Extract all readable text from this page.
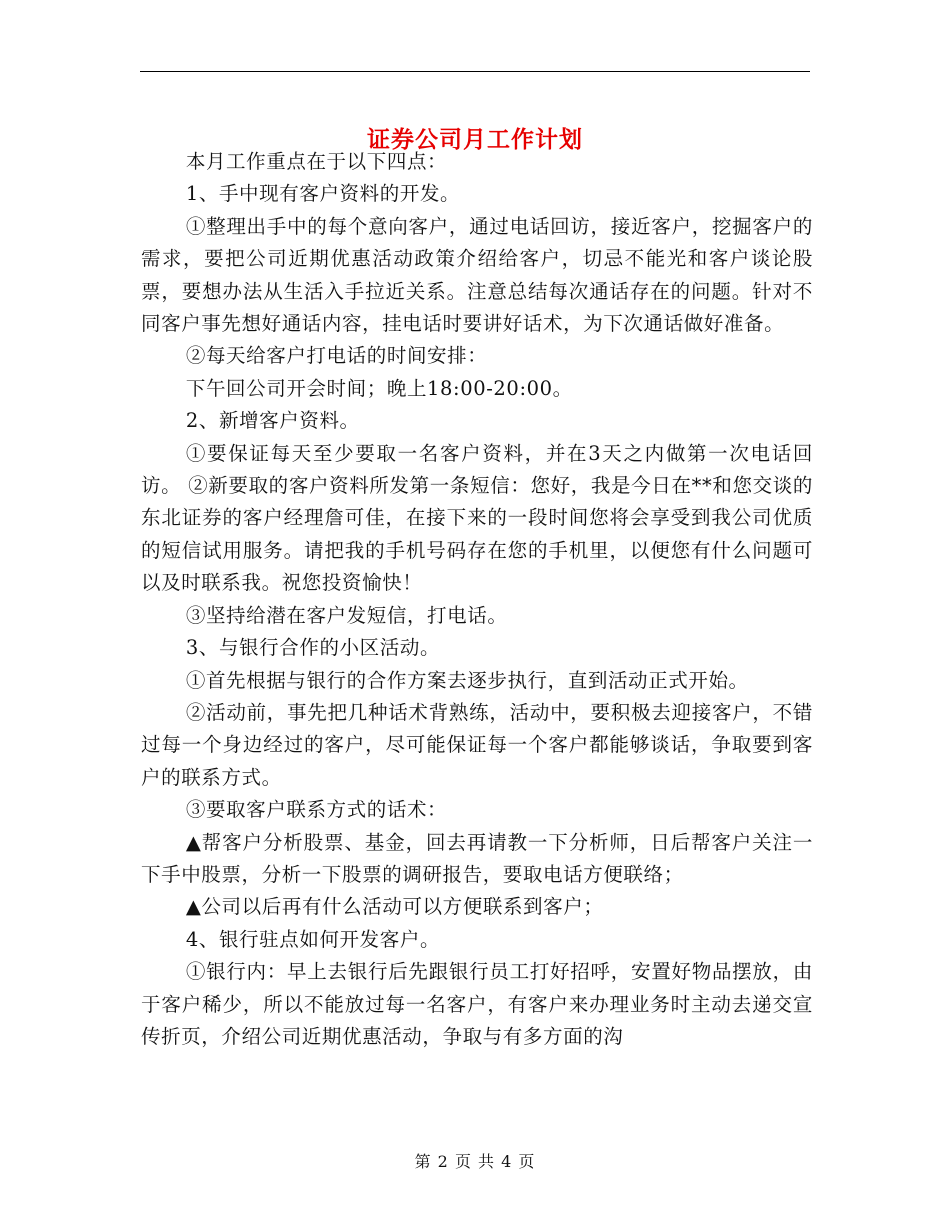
证券公司月工作计划

本月工作重点在于以下四点：

1、手中现有客户资料的开发。

①整理出手中的每个意向客户，通过电话回访，接近客户，挖掘客户的需求，要把公司近期优惠活动政策介绍给客户，切忌不能光和客户谈论股票，要想办法从生活入手拉近关系。注意总结每次通话存在的问题。针对不同客户事先想好通话内容，挂电话时要讲好话术，为下次通话做好准备。

②每天给客户打电话的时间安排：

下午回公司开会时间；晚上18:00-20:00。

2、新增客户资料。

①要保证每天至少要取一名客户资料，并在3天之内做第一次电话回访。 ②新要取的客户资料所发第一条短信：您好，我是今日在**和您交谈的东北证券的客户经理詹可佳，在接下来的一段时间您将会享受到我公司优质的短信试用服务。请把我的手机号码存在您的手机里，以便您有什么问题可以及时联系我。祝您投资愉快！

③坚持给潜在客户发短信，打电话。

3、与银行合作的小区活动。

①首先根据与银行的合作方案去逐步执行，直到活动正式开始。

②活动前，事先把几种话术背熟练，活动中，要积极去迎接客户，不错过每一个身边经过的客户，尽可能保证每一个客户都能够谈话，争取要到客户的联系方式。

③要取客户联系方式的话术：

▲帮客户分析股票、基金，回去再请教一下分析师，日后帮客户关注一下手中股票，分析一下股票的调研报告，要取电话方便联络；

▲公司以后再有什么活动可以方便联系到客户；

4、银行驻点如何开发客户。

①银行内：早上去银行后先跟银行员工打好招呼，安置好物品摆放，由于客户稀少，所以不能放过每一名客户，有客户来办理业务时主动去递交宣传折页，介绍公司近期优惠活动，争取与有多方面的沟

第 2 页 共 4 页
